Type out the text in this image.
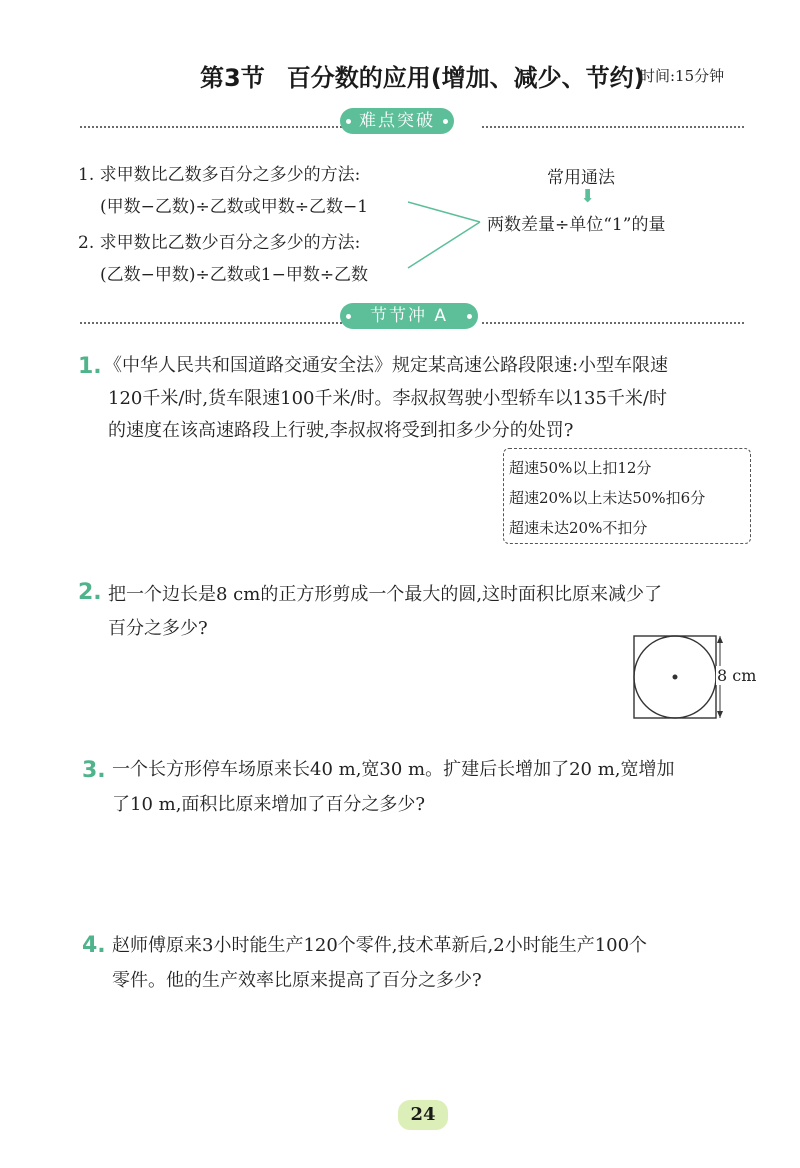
第3节 百分数的应用(增加、减少、节约)
时间:15分钟
难点突破
1. 求甲数比乙数多百分之多少的方法:
(甲数−乙数)÷乙数或甲数÷乙数−1
2. 求甲数比乙数少百分之多少的方法:
(乙数−甲数)÷乙数或1−甲数÷乙数
常用通法
⬇
两数差量÷单位“1”的量
节节冲 A
1. 《中华人民共和国道路交通安全法》规定某高速公路段限速:小型车限速
120千米/时,货车限速100千米/时。李叔叔驾驶小型轿车以135千米/时
的速度在该高速路段上行驶,李叔叔将受到扣多少分的处罚?
超速50%以上扣12分
超速20%以上未达50%扣6分
超速未达20%不扣分
2. 把一个边长是8 cm的正方形剪成一个最大的圆,这时面积比原来减少了
百分之多少?
8 cm
3. 一个长方形停车场原来长40 m,宽30 m。扩建后长增加了20 m,宽增加
了10 m,面积比原来增加了百分之多少?
4. 赵师傅原来3小时能生产120个零件,技术革新后,2小时能生产100个
零件。他的生产效率比原来提高了百分之多少?
24
